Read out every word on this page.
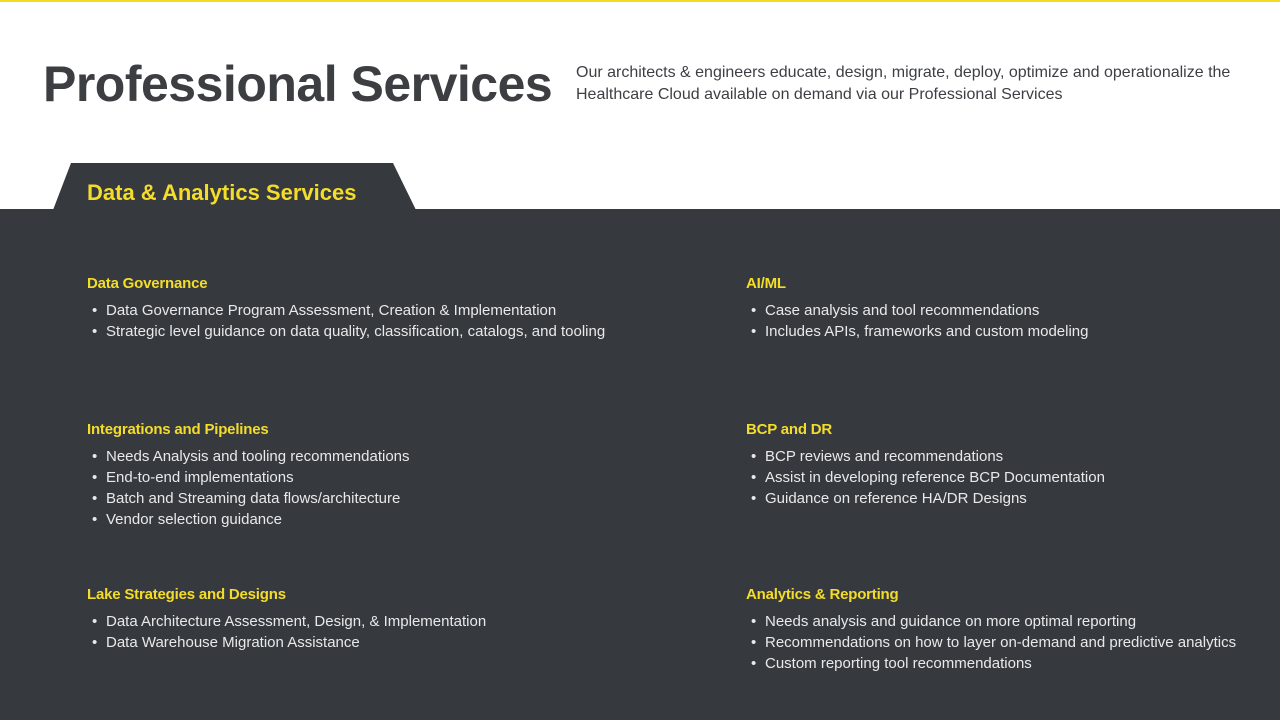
Professional Services Our architects & engineers educate, design, migrate, deploy, optimize and operationalize the Healthcare Cloud available on demand via our Professional Services

Data & Analytics Services
Data Governance
• Data Governance Program Assessment, Creation & Implementation
• Strategic level guidance on data quality, classification, catalogs, and tooling
AI/ML
• Case analysis and tool recommendations
• Includes APIs, frameworks and custom modeling
Integrations and Pipelines
• Needs Analysis and tooling recommendations
• End-to-end implementations
• Batch and Streaming data flows/architecture
• Vendor selection guidance
BCP and DR
• BCP reviews and recommendations
• Assist in developing reference BCP Documentation
• Guidance on reference HA/DR Designs
Lake Strategies and Designs
• Data Architecture Assessment, Design, & Implementation
• Data Warehouse Migration Assistance
Analytics & Reporting
• Needs analysis and guidance on more optimal reporting
• Recommendations on how to layer on-demand and predictive analytics
• Custom reporting tool recommendations
